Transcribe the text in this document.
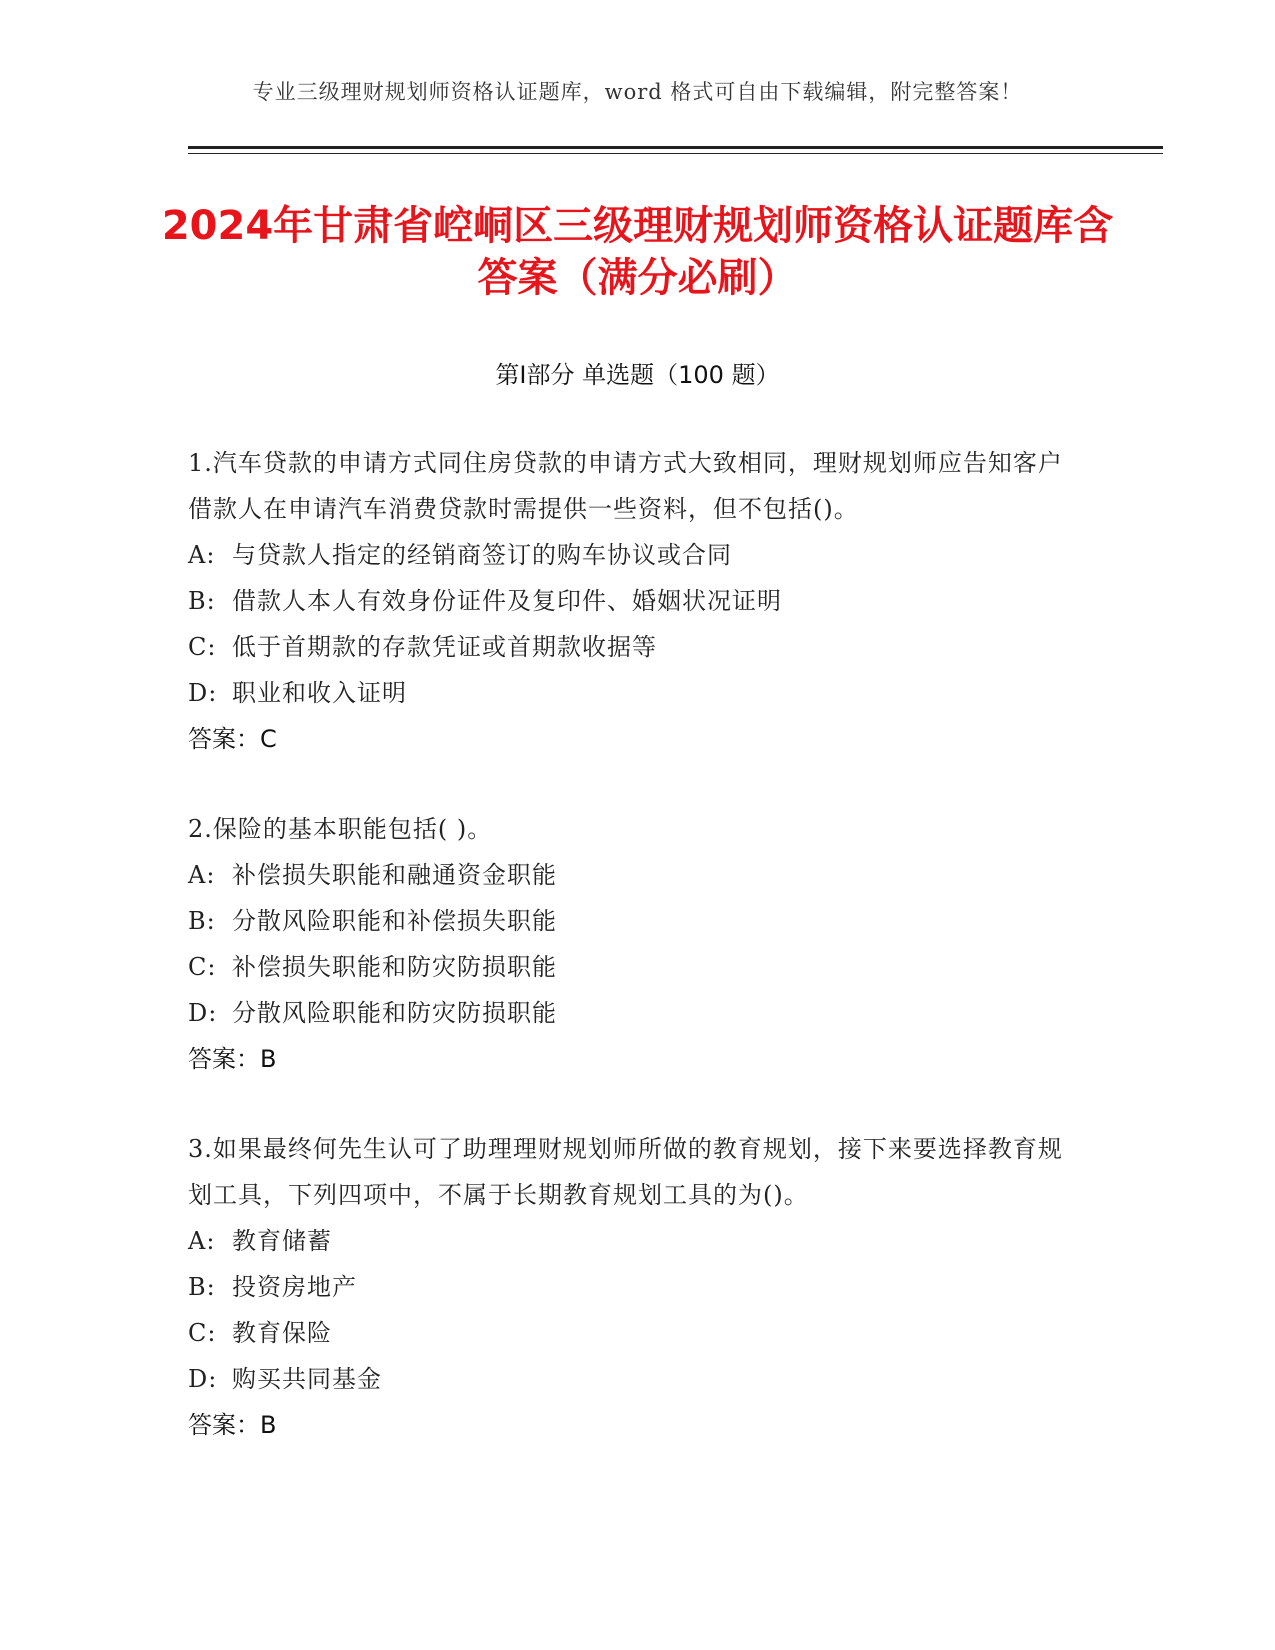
专业三级理财规划师资格认证题库，word 格式可自由下载编辑，附完整答案！
2024年甘肃省崆峒区三级理财规划师资格认证题库含答案（满分必刷）
第Ⅰ部分 单选题（100 题）
1.汽车贷款的申请方式同住房贷款的申请方式大致相同，理财规划师应告知客户借款人在申请汽车消费贷款时需提供一些资料，但不包括()。
A: 与贷款人指定的经销商签订的购车协议或合同
B: 借款人本人有效身份证件及复印件、婚姻状况证明
C: 低于首期款的存款凭证或首期款收据等
D: 职业和收入证明
答案：C
2.保险的基本职能包括( )。
A: 补偿损失职能和融通资金职能
B: 分散风险职能和补偿损失职能
C: 补偿损失职能和防灾防损职能
D: 分散风险职能和防灾防损职能
答案：B
3.如果最终何先生认可了助理理财规划师所做的教育规划，接下来要选择教育规划工具，下列四项中，不属于长期教育规划工具的为()。
A: 教育储蓄
B: 投资房地产
C: 教育保险
D: 购买共同基金
答案：B
